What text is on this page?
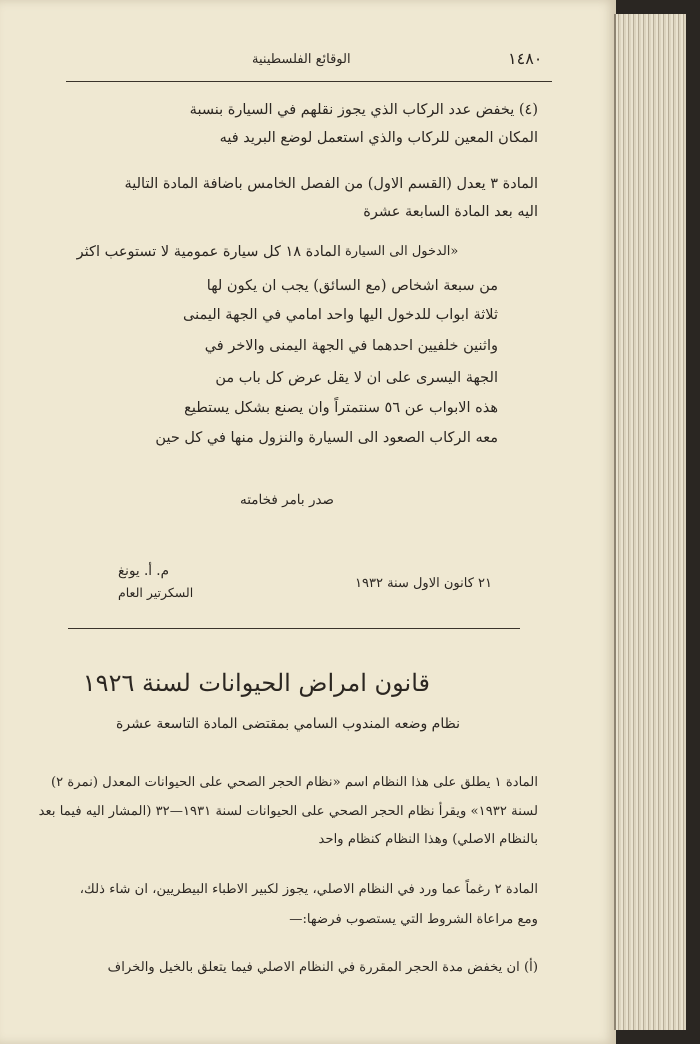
١٤٨٠
الوقائع الفلسطينية
(٤) يخفض عدد الركاب الذي يجوز نقلهم في السيارة بنسبة
المكان المعين للركاب والذي استعمل لوضع البريد فيه
المادة ٣ يعدل (القسم الاول) من الفصل الخامس باضافة المادة التالية
اليه بعد المادة السابعة عشرة
«الدخول الى السيارة
المادة ١٨ كل سيارة عمومية لا تستوعب اكثر
من سبعة اشخاص (مع السائق) يجب ان يكون لها
ثلاثة ابواب للدخول اليها واحد امامي في الجهة اليمنى
واثنين خلفيين احدهما في الجهة اليمنى والاخر في
الجهة اليسرى على ان لا يقل عرض كل باب من
هذه الابواب عن ٥٦ سنتمتراً وان يصنع بشكل يستطيع
معه الركاب الصعود الى السيارة والنزول منها في كل حين
صدر بامر فخامته
م. أ. يونغ
السكرتير العام
٢١ كانون الاول سنة ١٩٣٢
قانون امراض الحيوانات لسنة ١٩٢٦
نظام وضعه المندوب السامي بمقتضى المادة التاسعة عشرة
المادة ١ يطلق على هذا النظام اسم «نظام الحجر الصحي على الحيوانات المعدل (نمرة ٢)
لسنة ١٩٣٢» ويقرأ نظام الحجر الصحي على الحيوانات لسنة ١٩٣١—٣٢ (المشار اليه فيما بعد
بالنظام الاصلي) وهذا النظام كنظام واحد
المادة ٢ رغماً عما ورد في النظام الاصلي، يجوز لكبير الاطباء البيطريين، ان شاء ذلك،
ومع مراعاة الشروط التي يستصوب فرضها:—
(أ) ان يخفض مدة الحجر المقررة في النظام الاصلي فيما يتعلق بالخيل والخراف
